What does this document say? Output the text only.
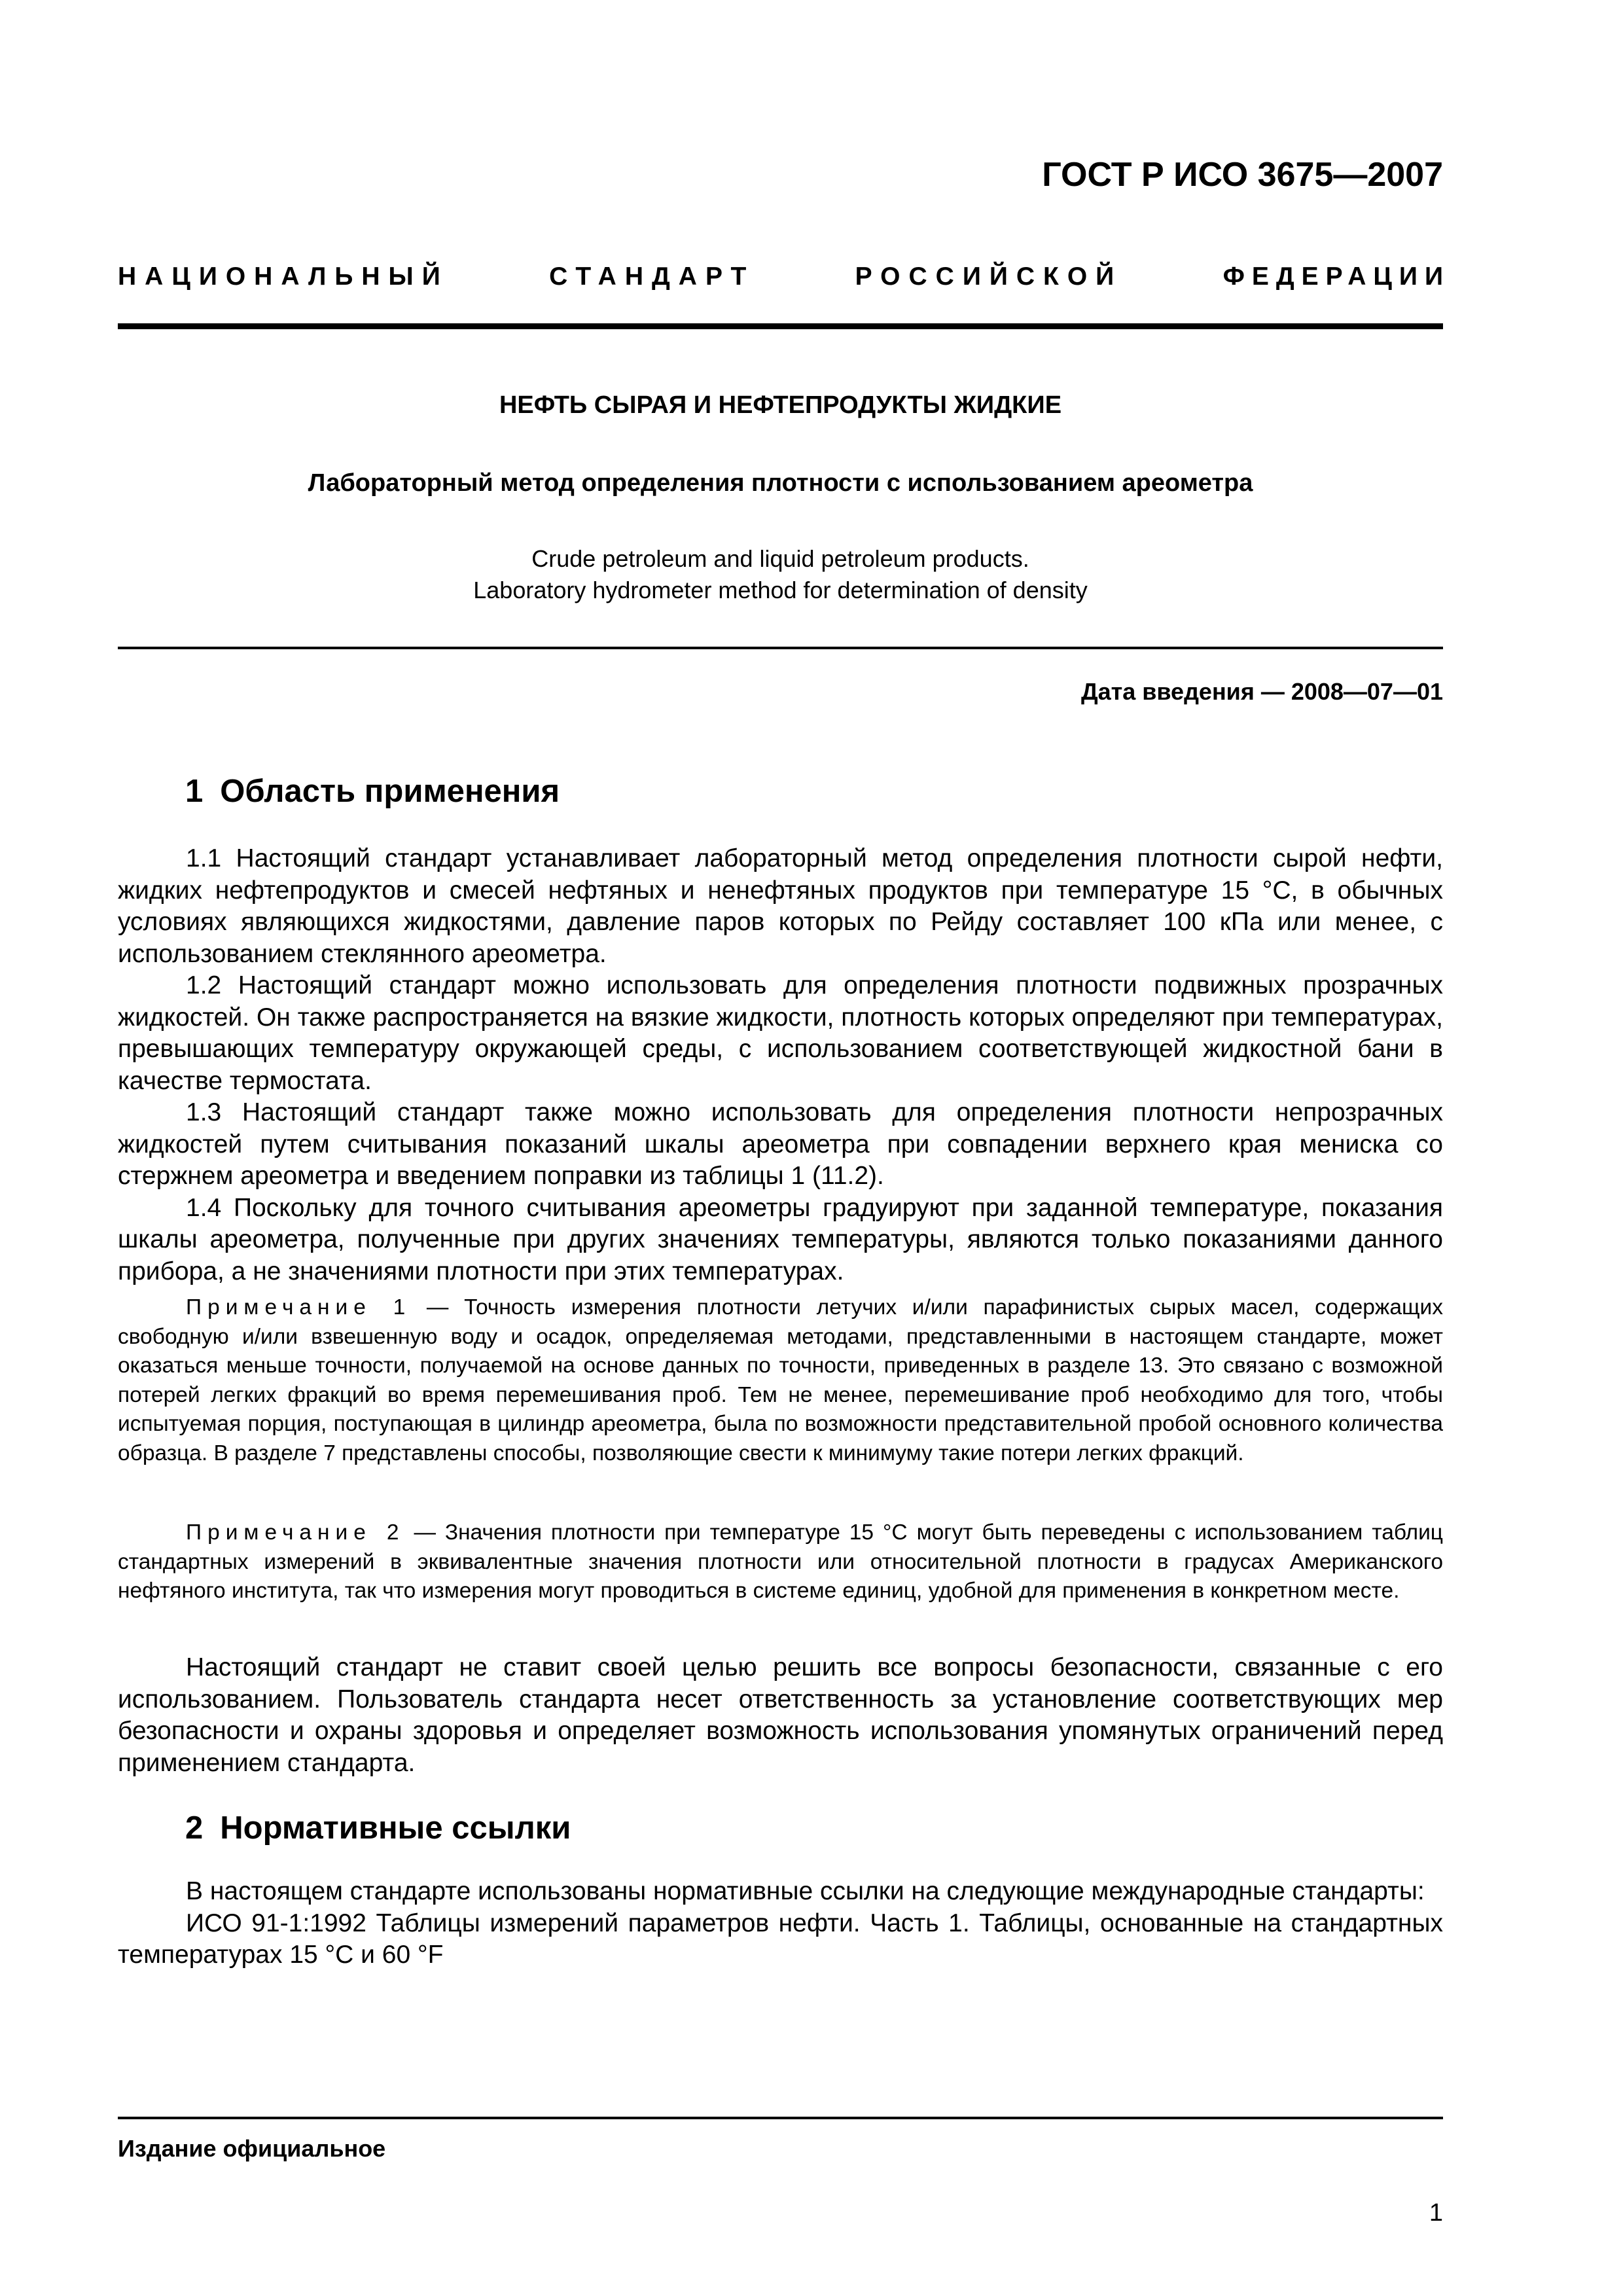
ГОСТ Р ИСО 3675—2007
НАЦИОНАЛЬНЫЙ	СТАНДАРТ	РОССИЙСКОЙ	ФЕДЕРАЦИИ
НЕФТЬ СЫРАЯ И НЕФТЕПРОДУКТЫ ЖИДКИЕ
Лабораторный метод определения плотности с использованием ареометра
Crude petroleum and liquid petroleum products.
Laboratory hydrometer method for determination of density
Дата введения — 2008—07—01
1 Область применения

1.1 Настоящий стандарт устанавливает лабораторный метод определения плотности сырой нефти, жидких нефтепродуктов и смесей нефтяных и ненефтяных продуктов при температуре 15 °С, в обычных условиях являющихся жидкостями, давление паров которых по Рейду составляет 100 кПа или менее, с использованием стеклянного ареометра.

1.2 Настоящий стандарт можно использовать для определения плотности подвижных прозрачных жидкостей. Он также распространяется на вязкие жидкости, плотность которых определяют при температурах, превышающих температуру окружающей среды, с использованием соответствующей жидкостной бани в качестве термостата.

1.3 Настоящий стандарт также можно использовать для определения плотности непрозрачных жидкостей путем считывания показаний шкалы ареометра при совпадении верхнего края мениска со стержнем ареометра и введением поправки из таблицы 1 (11.2).

1.4 Поскольку для точного считывания ареометры градуируют при заданной температуре, показания шкалы ареометра, полученные при других значениях температуры, являются только показаниями данного прибора, а не значениями плотности при этих температурах.

Примечание 1 — Точность измерения плотности летучих и/или парафинистых сырых масел, содержащих свободную и/или взвешенную воду и осадок, определяемая методами, представленными в настоящем стандарте, может оказаться меньше точности, получаемой на основе данных по точности, приведенных в разделе 13. Это связано с возможной потерей легких фракций во время перемешивания проб. Тем не менее, перемешивание проб необходимо для того, чтобы испытуемая порция, поступающая в цилиндр ареометра, была по возможности представительной пробой основного количества образца. В разделе 7 представлены способы, позволяющие свести к минимуму такие потери легких фракций.

Примечание 2 — Значения плотности при температуре 15 °С могут быть переведены с использованием таблиц стандартных измерений в эквивалентные значения плотности или относительной плотности в градусах Американского нефтяного института, так что измерения могут проводиться в системе единиц, удобной для применения в конкретном месте.

Настоящий стандарт не ставит своей целью решить все вопросы безопасности, связанные с его использованием. Пользователь стандарта несет ответственность за установление соответствующих мер безопасности и охраны здоровья и определяет возможность использования упомянутых ограничений перед применением стандарта.

2 Нормативные ссылки

В настоящем стандарте использованы нормативные ссылки на следующие международные стандарты:

ИСО 91-1:1992 Таблицы измерений параметров нефти. Часть 1. Таблицы, основанные на стандартных температурах 15 °С и 60 °F

Издание официальное
1
